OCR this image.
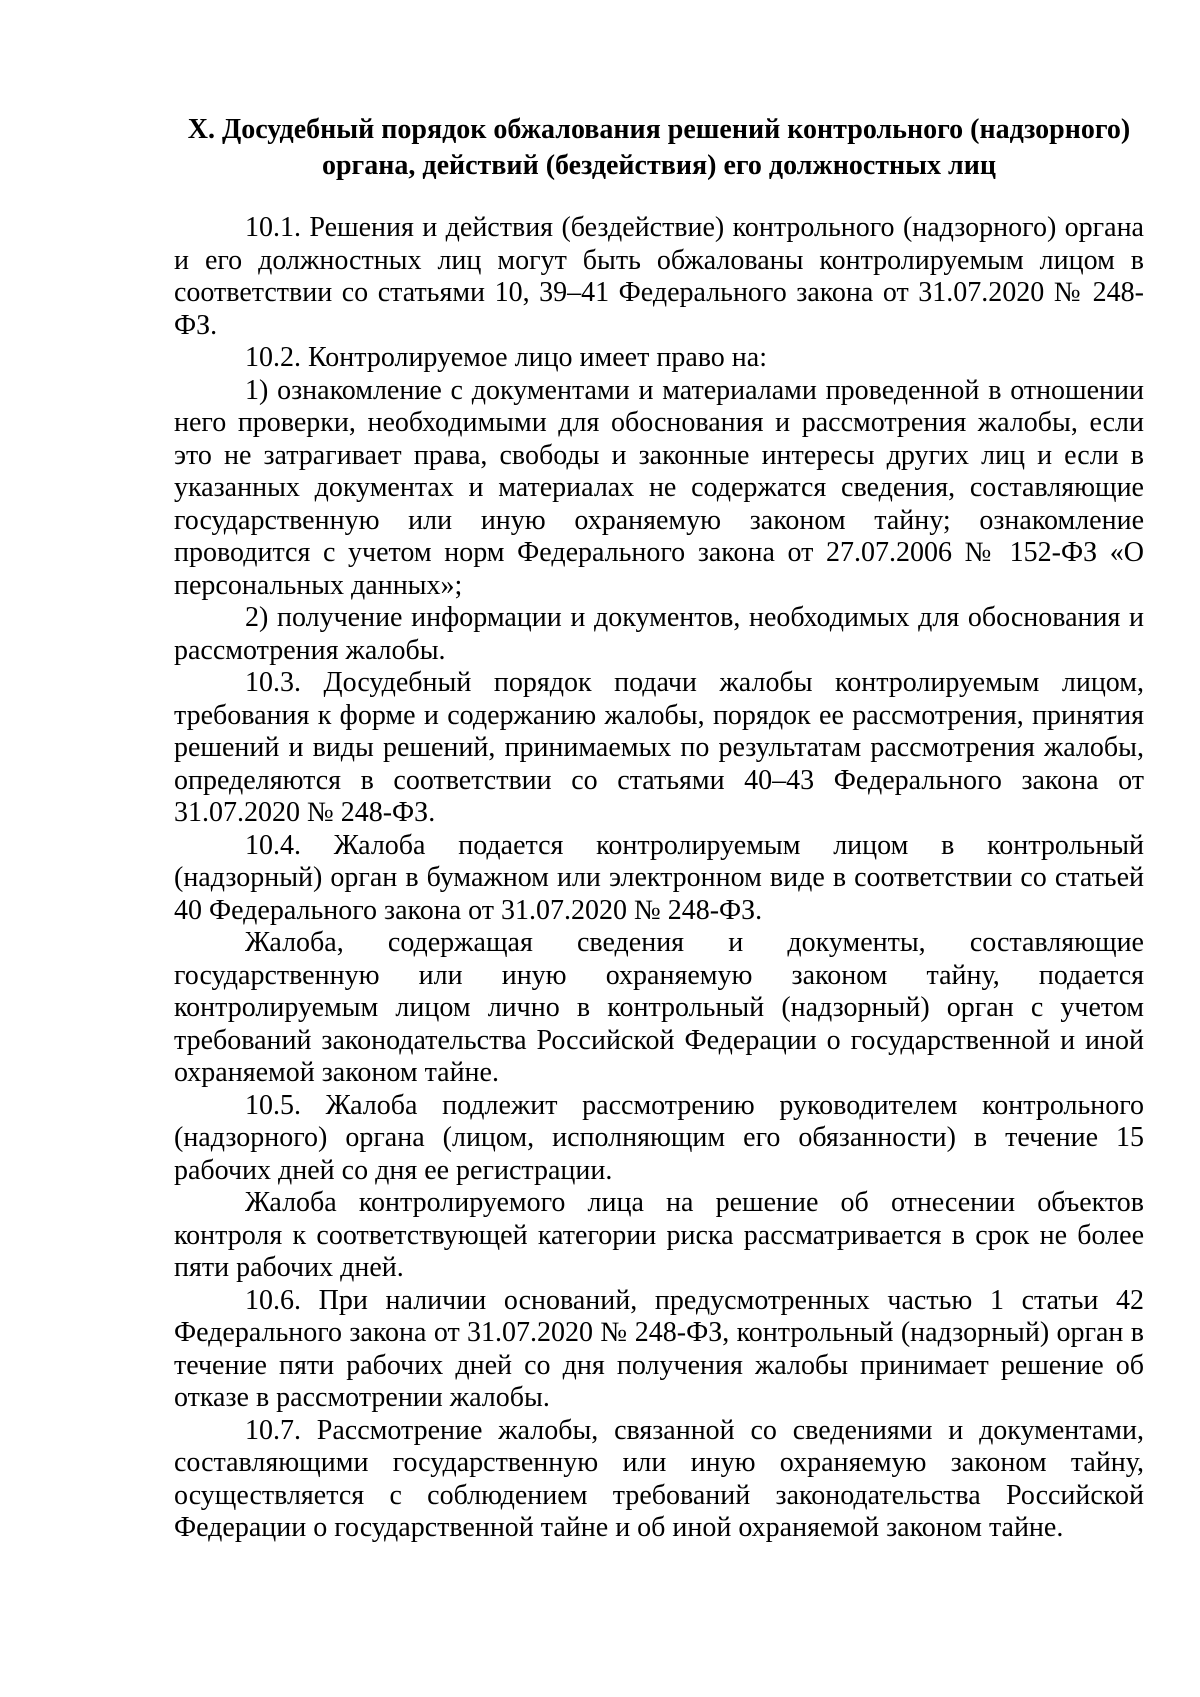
X. Досудебный порядок обжалования решений контрольного (надзорного)
органа, действий (бездействия) его должностных лиц

10.1. Решения и действия (бездействие) контрольного (надзорного) органа и его должностных лиц могут быть обжалованы контролируемым лицом в соответствии со статьями 10, 39–41 Федерального закона от 31.07.2020 № 248-ФЗ.

10.2. Контролируемое лицо имеет право на:

1) ознакомление с документами и материалами проведенной в отношении него проверки, необходимыми для обоснования и рассмотрения жалобы, если это не затрагивает права, свободы и законные интересы других лиц и если в указанных документах и материалах не содержатся сведения, составляющие государственную или иную охраняемую законом тайну; ознакомление проводится с учетом норм Федерального закона от 27.07.2006 № 152-ФЗ «О персональных данных»;

2) получение информации и документов, необходимых для обоснования и рассмотрения жалобы.

10.3. Досудебный порядок подачи жалобы контролируемым лицом, требования к форме и содержанию жалобы, порядок ее рассмотрения, принятия решений и виды решений, принимаемых по результатам рассмотрения жалобы, определяются в соответствии со статьями 40–43 Федерального закона от 31.07.2020 № 248-ФЗ.

10.4. Жалоба подается контролируемым лицом в контрольный (надзорный) орган в бумажном или электронном виде в соответствии со статьей 40 Федерального закона от 31.07.2020 № 248-ФЗ.

Жалоба, содержащая сведения и документы, составляющие государственную или иную охраняемую законом тайну, подается контролируемым лицом лично в контрольный (надзорный) орган с учетом требований законодательства Российской Федерации о государственной и иной охраняемой законом тайне.

10.5. Жалоба подлежит рассмотрению руководителем контрольного (надзорного) органа (лицом, исполняющим его обязанности) в течение 15 рабочих дней со дня ее регистрации.

Жалоба контролируемого лица на решение об отнесении объектов контроля к соответствующей категории риска рассматривается в срок не более пяти рабочих дней.

10.6. При наличии оснований, предусмотренных частью 1 статьи 42 Федерального закона от 31.07.2020 № 248-ФЗ, контрольный (надзорный) орган в течение пяти рабочих дней со дня получения жалобы принимает решение об отказе в рассмотрении жалобы.

10.7. Рассмотрение жалобы, связанной со сведениями и документами, составляющими государственную или иную охраняемую законом тайну, осуществляется с соблюдением требований законодательства Российской Федерации о государственной тайне и об иной охраняемой законом тайне.
